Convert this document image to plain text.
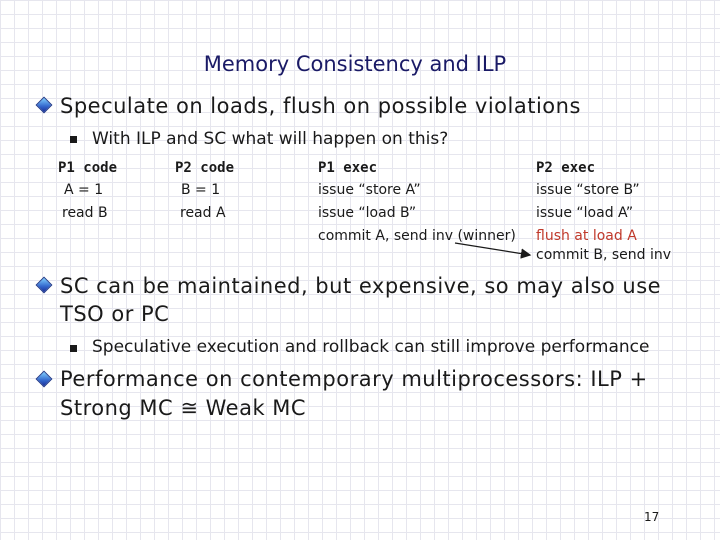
Memory Consistency and ILP
Speculate on loads, flush on possible violations
With ILP and SC what will happen on this?
P1 code
A = 1
read B
P2 code
B = 1
read A
P1 exec
issue “store A”
issue “load B”
commit A, send inv (winner)
P2 exec
issue “store B”
issue “load A”
flush at load A
commit B, send inv
SC can be maintained, but expensive, so may also use
TSO or PC
Speculative execution and rollback can still improve performance
Performance on contemporary multiprocessors: ILP +
Strong MC ≅ Weak MC
17
